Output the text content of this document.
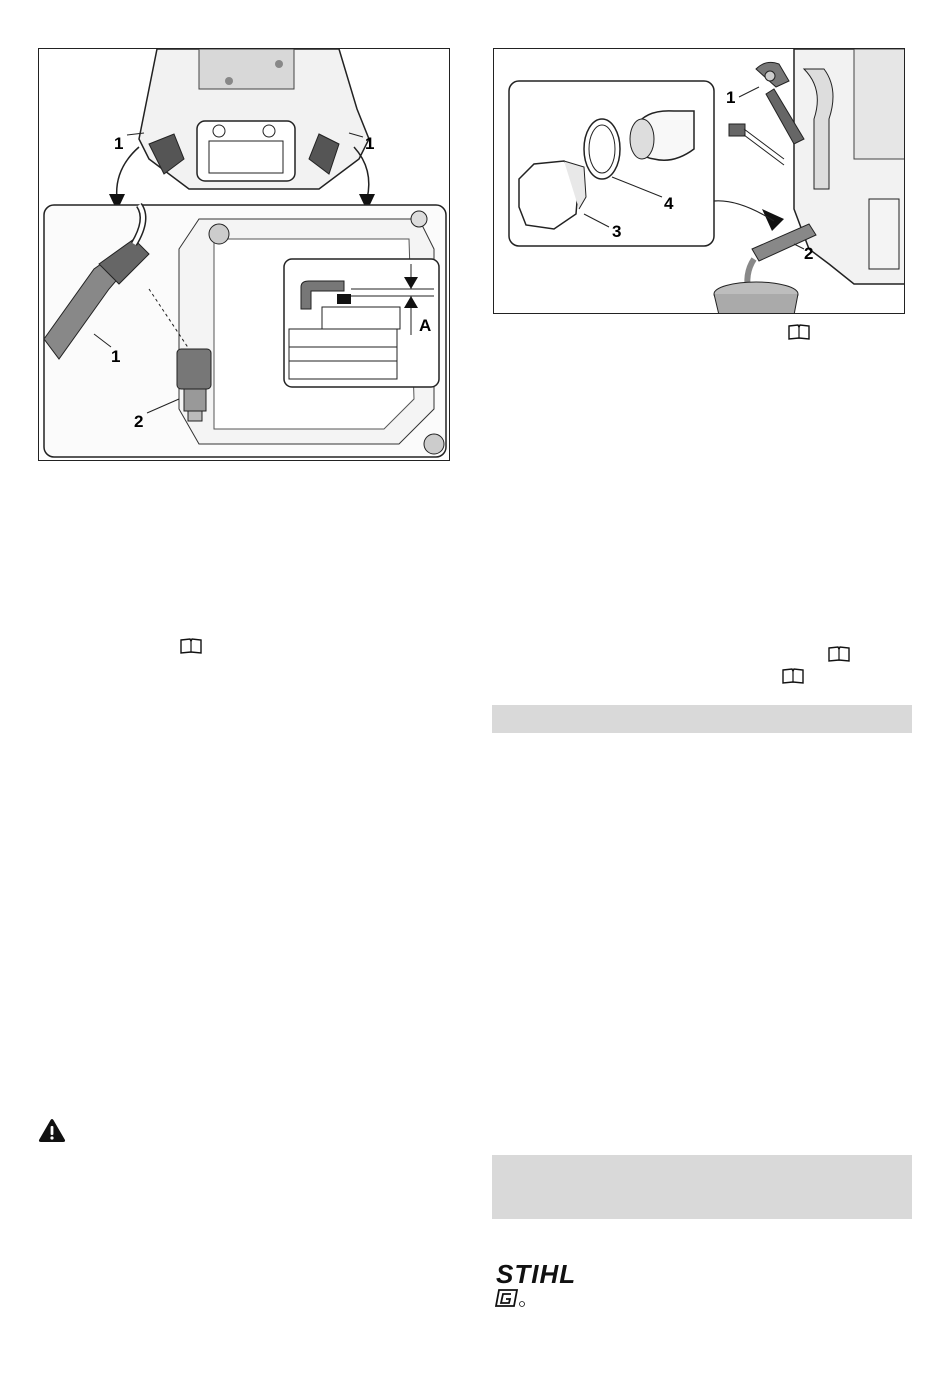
1	1
1
2
A
1
2
3
4
STIHL
